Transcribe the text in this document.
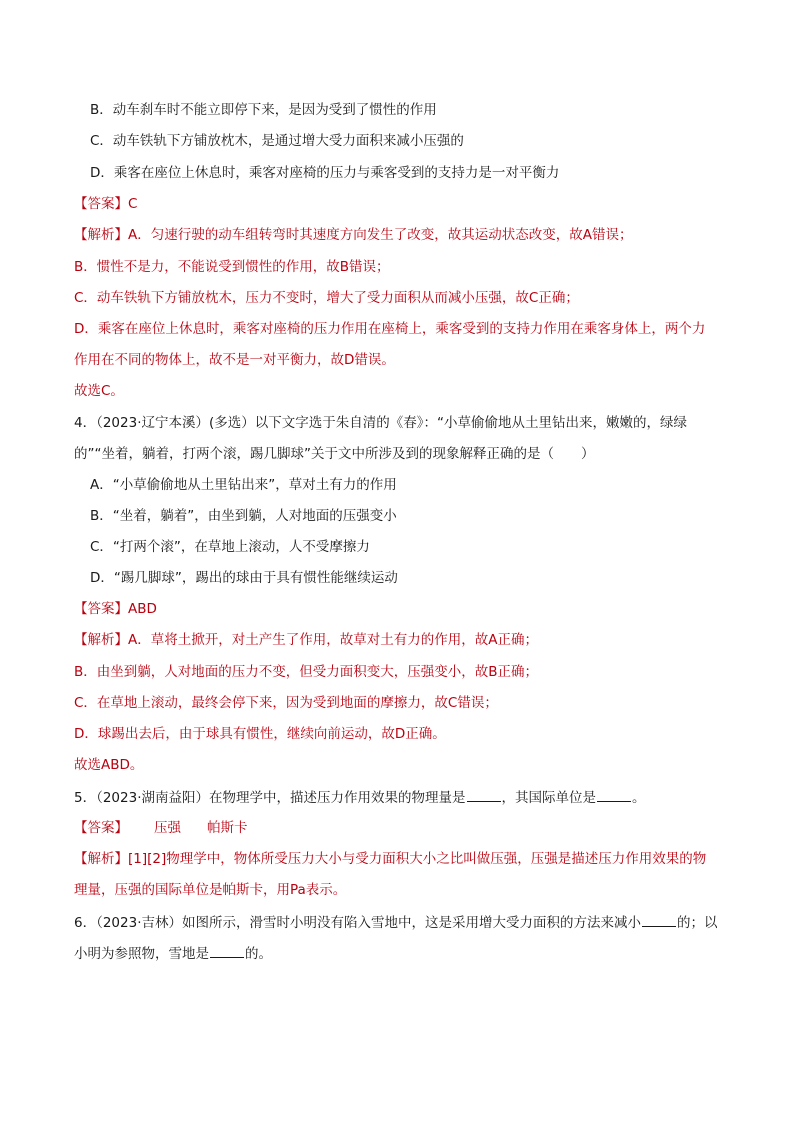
B．动车刹车时不能立即停下来，是因为受到了惯性的作用
C．动车铁轨下方铺放枕木，是通过增大受力面积来减小压强的
D．乘客在座位上休息时，乘客对座椅的压力与乘客受到的支持力是一对平衡力
【答案】C
【解析】A．匀速行驶的动车组转弯时其速度方向发生了改变，故其运动状态改变，故A错误；
B．惯性不是力，不能说受到惯性的作用，故B错误；
C．动车铁轨下方铺放枕木，压力不变时，增大了受力面积从而减小压强，故C正确；
D．乘客在座位上休息时，乘客对座椅的压力作用在座椅上，乘客受到的支持力作用在乘客身体上，两个力
作用在不同的物体上，故不是一对平衡力，故D错误。
故选C。
4．（2023·辽宁本溪）(多选）以下文字选于朱自清的《春》：“小草偷偷地从土里钻出来，嫩嫩的，绿绿
的”“坐着，躺着，打两个滚，踢几脚球”关于文中所涉及到的现象解释正确的是（　　）
A．“小草偷偷地从土里钻出来”，草对土有力的作用
B．“坐着，躺着”，由坐到躺，人对地面的压强变小
C．“打两个滚”，在草地上滚动，人不受摩擦力
D．“踢几脚球”，踢出的球由于具有惯性能继续运动
【答案】ABD
【解析】A．草将土掀开，对土产生了作用，故草对土有力的作用，故A正确；
B．由坐到躺，人对地面的压力不变，但受力面积变大，压强变小，故B正确；
C．在草地上滚动，最终会停下来，因为受到地面的摩擦力，故C错误；
D．球踢出去后，由于球具有惯性，继续向前运动，故D正确。
故选ABD。
5．（2023·湖南益阳）在物理学中，描述压力作用效果的物理量是	，其国际单位是	。
【答案】 压强 帕斯卡
【解析】[1][2]物理学中，物体所受压力大小与受力面积大小之比叫做压强，压强是描述压力作用效果的物
理量，压强的国际单位是帕斯卡，用Pa表示。
6．（2023·吉林）如图所示，滑雪时小明没有陷入雪地中，这是采用增大受力面积的方法来减小	的；以
小明为参照物，雪地是	的。
